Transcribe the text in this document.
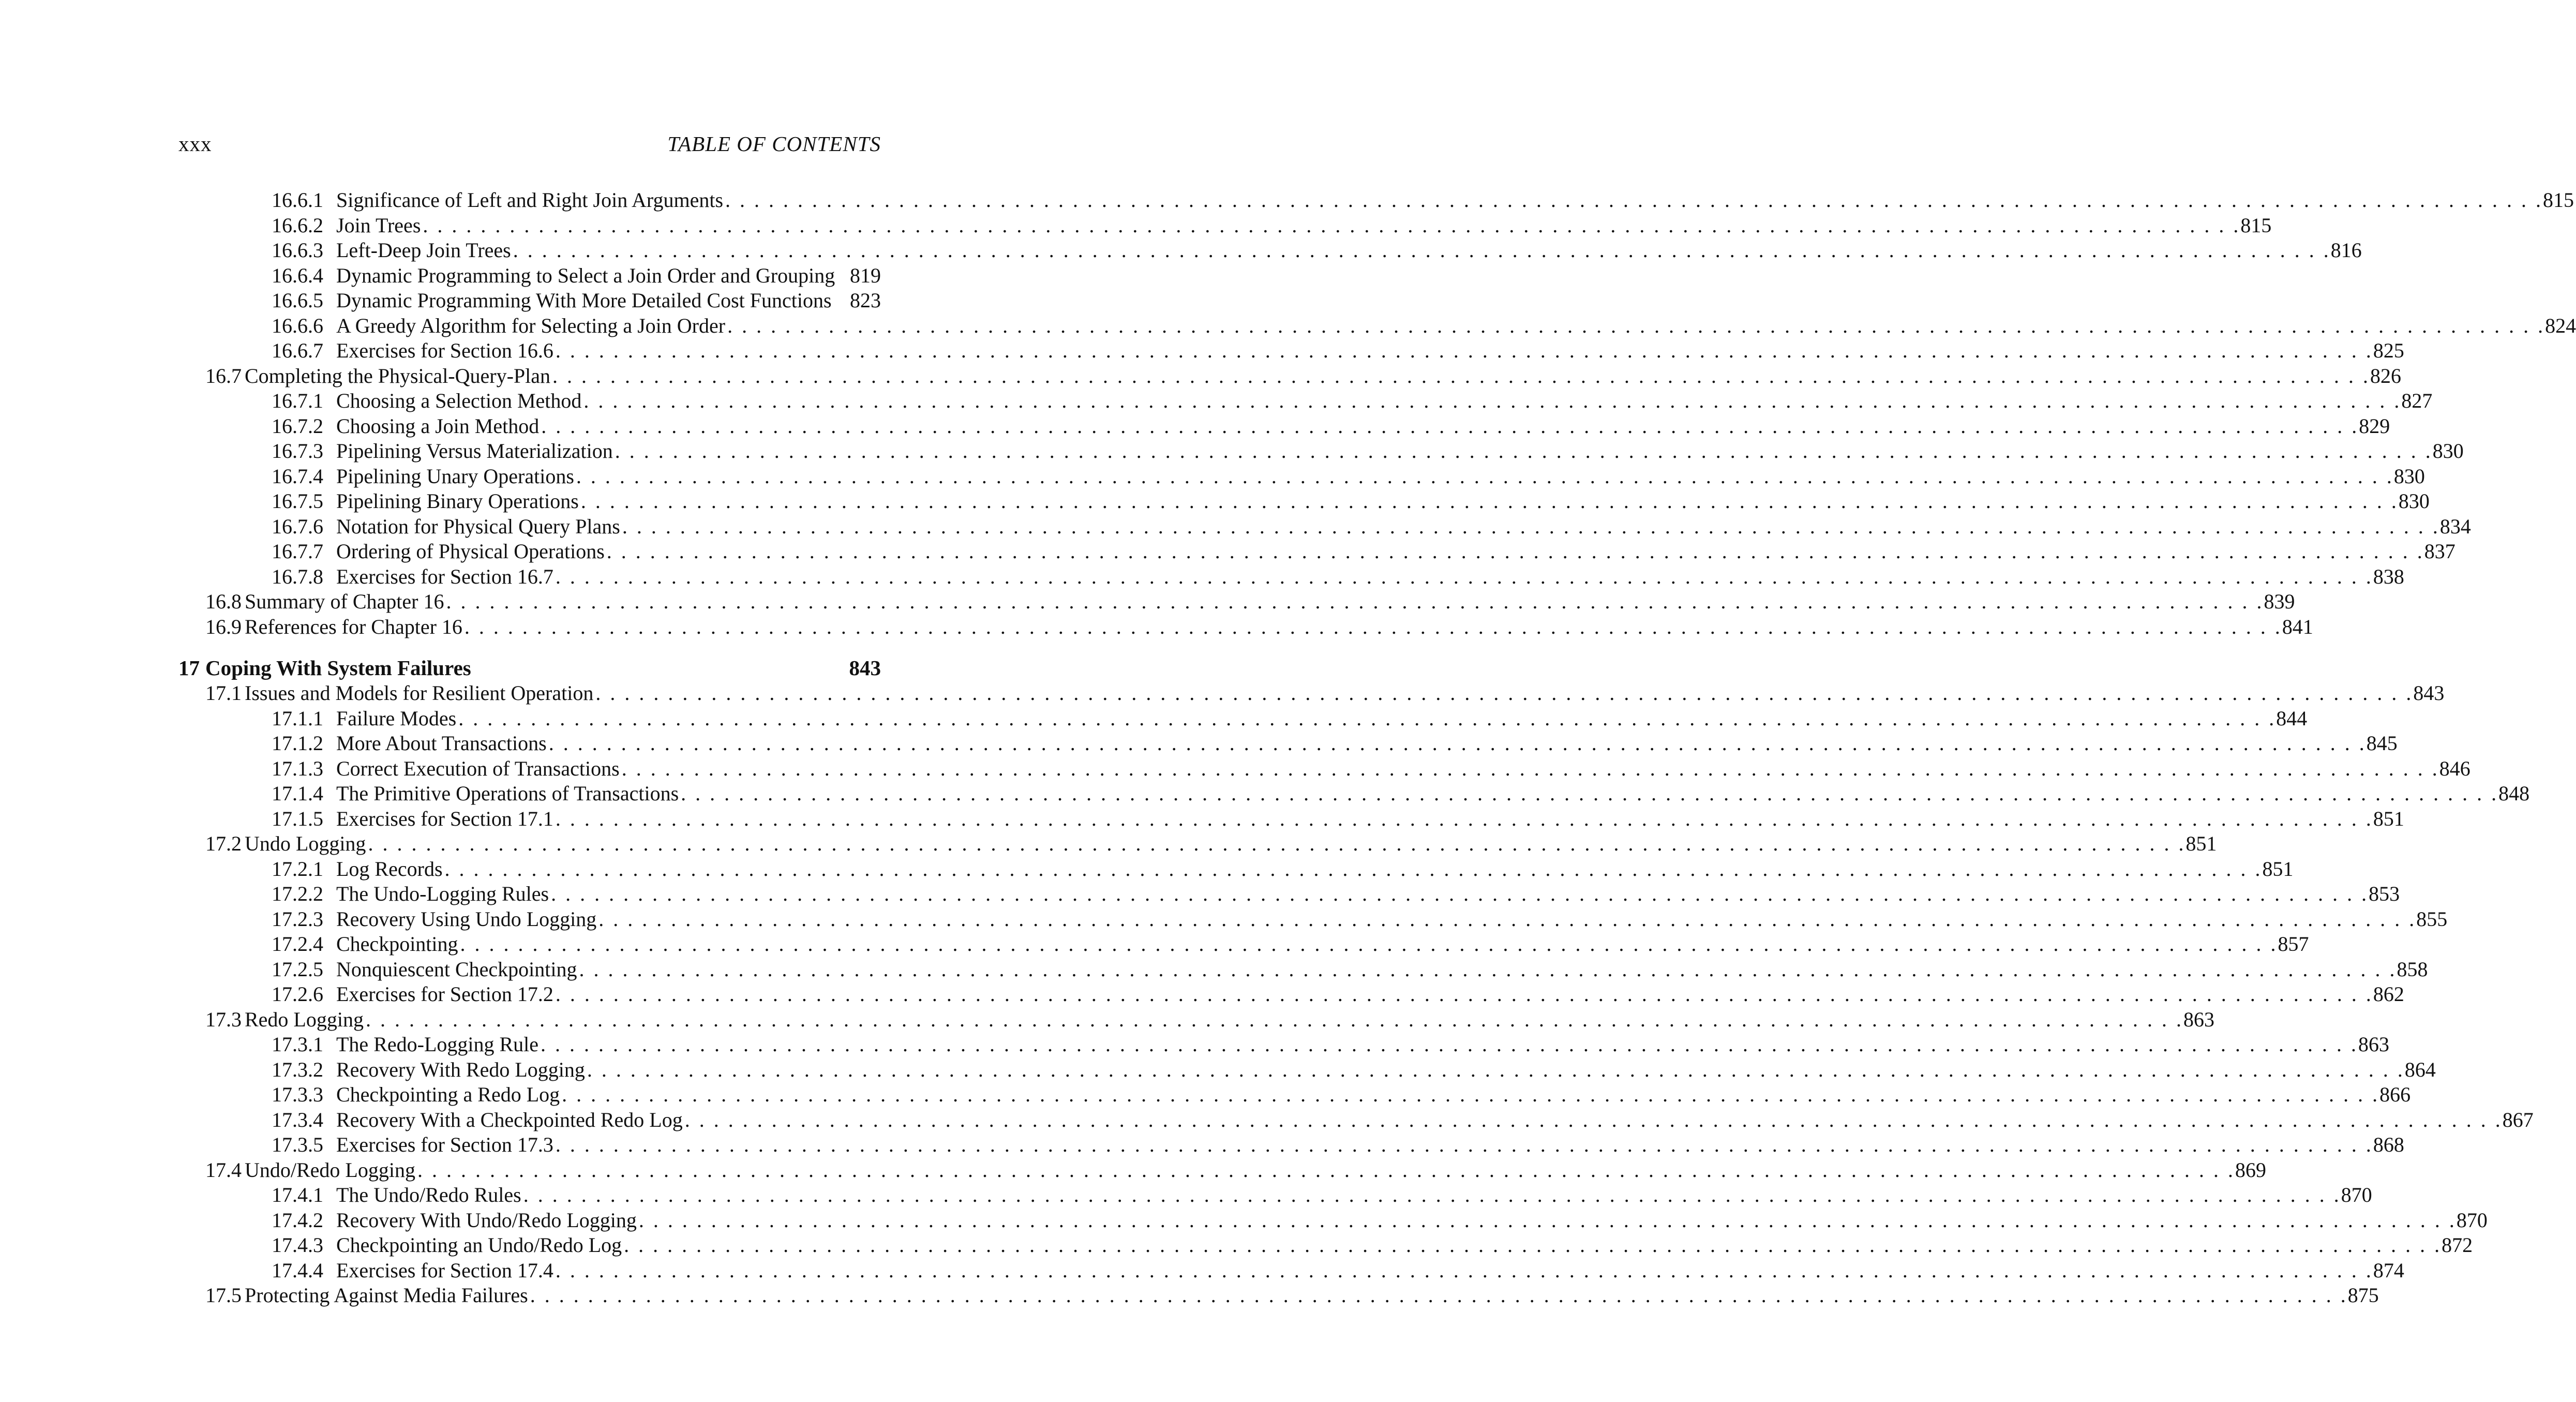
xxx	TABLE OF CONTENTS
16.6.1 Significance of Left and Right Join Arguments . . .	815
16.6.2 Join Trees . . .	815
16.6.3 Left-Deep Join Trees . . .	816
16.6.4 Dynamic Programming to Select a Join Order and Grouping 819
16.6.5 Dynamic Programming With More Detailed Cost Functions 823
16.6.6 A Greedy Algorithm for Selecting a Join Order . . .	824
16.6.7 Exercises for Section 16.6 . . .	825
16.7 Completing the Physical-Query-Plan . . .	826
16.7.1 Choosing a Selection Method . . .	827
16.7.2 Choosing a Join Method . . .	829
16.7.3 Pipelining Versus Materialization . . .	830
16.7.4 Pipelining Unary Operations . . .	830
16.7.5 Pipelining Binary Operations . . .	830
16.7.6 Notation for Physical Query Plans . . .	834
16.7.7 Ordering of Physical Operations . . .	837
16.7.8 Exercises for Section 16.7 . . .	838
16.8 Summary of Chapter 16 . . .	839
16.9 References for Chapter 16 . . .	841
17 Coping With System Failures	843
17.1 Issues and Models for Resilient Operation . . .	843
17.1.1 Failure Modes . . .	844
17.1.2 More About Transactions . . .	845
17.1.3 Correct Execution of Transactions . . .	846
17.1.4 The Primitive Operations of Transactions . . .	848
17.1.5 Exercises for Section 17.1 . . .	851
17.2 Undo Logging . . .	851
17.2.1 Log Records . . .	851
17.2.2 The Undo-Logging Rules . . .	853
17.2.3 Recovery Using Undo Logging . . .	855
17.2.4 Checkpointing . . .	857
17.2.5 Nonquiescent Checkpointing . . .	858
17.2.6 Exercises for Section 17.2 . . .	862
17.3 Redo Logging . . .	863
17.3.1 The Redo-Logging Rule . . .	863
17.3.2 Recovery With Redo Logging . . .	864
17.3.3 Checkpointing a Redo Log . . .	866
17.3.4 Recovery With a Checkpointed Redo Log . . .	867
17.3.5 Exercises for Section 17.3 . . .	868
17.4 Undo/Redo Logging . . .	869
17.4.1 The Undo/Redo Rules . . .	870
17.4.2 Recovery With Undo/Redo Logging . . .	870
17.4.3 Checkpointing an Undo/Redo Log . . .	872
17.4.4 Exercises for Section 17.4 . . .	874
17.5 Protecting Against Media Failures . . .	875
